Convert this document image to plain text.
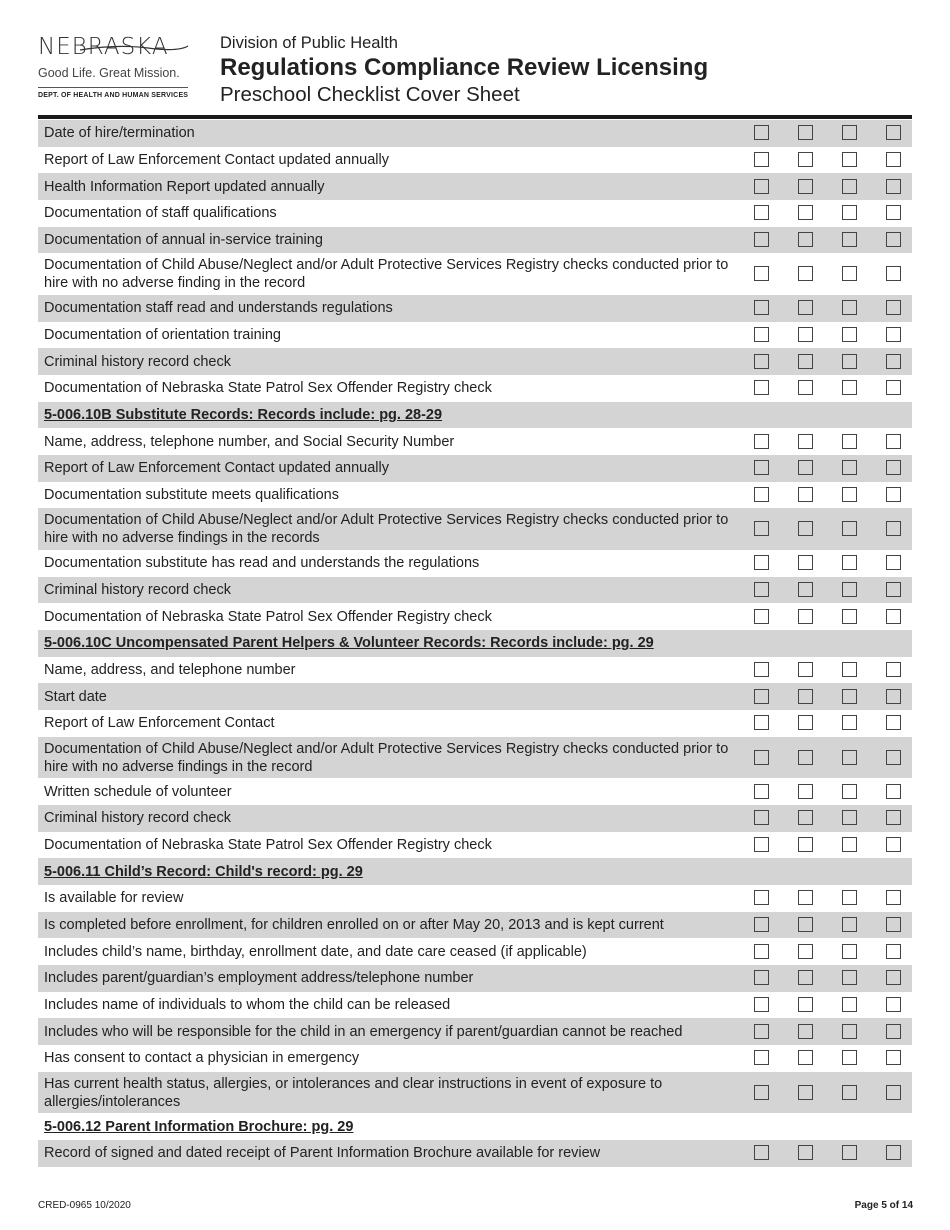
NEBRASKA
Good Life. Great Mission.
DEPT. OF HEALTH AND HUMAN SERVICES
Division of Public Health
Regulations Compliance Review Licensing
Preschool Checklist Cover Sheet
Date of hire/termination
Report of Law Enforcement Contact updated annually
Health Information Report updated annually
Documentation of staff qualifications
Documentation of annual in-service training
Documentation of Child Abuse/Neglect and/or Adult Protective Services Registry checks conducted prior to hire with no adverse finding in the record
Documentation staff read and understands regulations
Documentation of orientation training
Criminal history record check
Documentation of Nebraska State Patrol Sex Offender Registry check
5-006.10B Substitute Records: Records include: pg. 28-29
Name, address, telephone number, and Social Security Number
Report of Law Enforcement Contact updated annually
Documentation substitute meets qualifications
Documentation of Child Abuse/Neglect and/or Adult Protective Services Registry checks conducted prior to hire with no adverse findings in the records
Documentation substitute has read and understands the regulations
Criminal history record check
Documentation of Nebraska State Patrol Sex Offender Registry check
5-006.10C Uncompensated Parent Helpers & Volunteer Records: Records include: pg. 29
Name, address, and telephone number
Start date
Report of Law Enforcement Contact
Documentation of Child Abuse/Neglect and/or Adult Protective Services Registry checks conducted prior to hire with no adverse findings in the record
Written schedule of volunteer
Criminal history record check
Documentation of Nebraska State Patrol Sex Offender Registry check
5-006.11 Child’s Record: Child's record: pg. 29
Is available for review
Is completed before enrollment, for children enrolled on or after May 20, 2013 and is kept current
Includes child’s name, birthday, enrollment date, and date care ceased (if applicable)
Includes parent/guardian’s employment address/telephone number
Includes name of individuals to whom the child can be released
Includes who will be responsible for the child in an emergency if parent/guardian cannot be reached
Has consent to contact a physician in emergency
Has current health status, allergies, or intolerances and clear instructions in event of exposure to allergies/intolerances
5-006.12 Parent Information Brochure: pg. 29
Record of signed and dated receipt of Parent Information Brochure available for review
CRED-0965 10/2020	Page 5 of 14
